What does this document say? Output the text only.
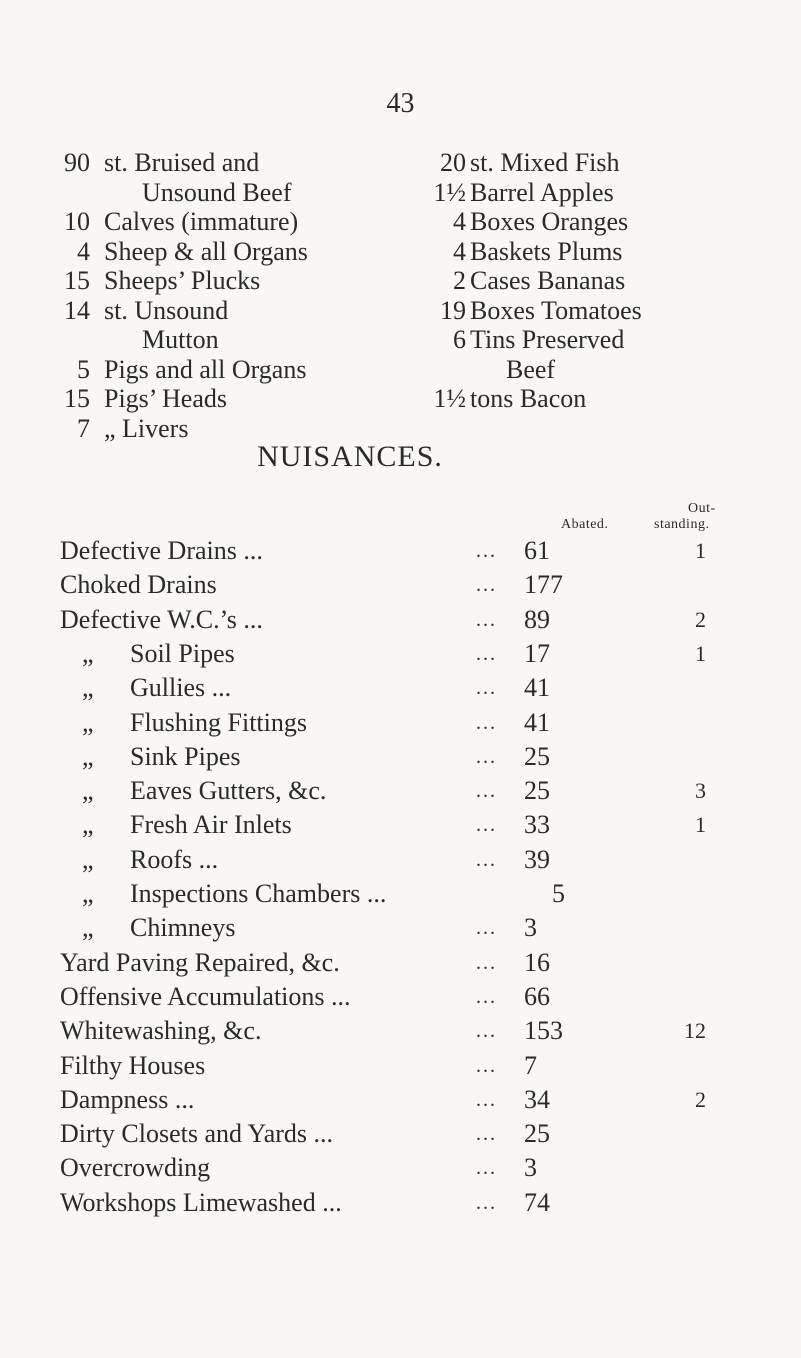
43
90 st. Bruised and
Unsound Beef
10 Calves (immature)
4 Sheep & all Organs
15 Sheeps’ Plucks
14 st. Unsound
Mutton
5 Pigs and all Organs
15 Pigs’ Heads
7 „ Livers
20 st. Mixed Fish
1½ Barrel Apples
4 Boxes Oranges
4 Baskets Plums
2 Cases Bananas
19 Boxes Tomatoes
6 Tins Preserved
Beef
1½ tons Bacon
NUISANCES.
Abated.
Out-
standing.
Defective Drains ...	...	61	1
Choked Drains	...	177
Defective W.C.’s ...	...	89	2
„ Soil Pipes	...	17	1
„ Gullies ...	...	41
„ Flushing Fittings	...	41
„ Sink Pipes	...	25
„ Eaves Gutters, &c.	...	25	3
„ Fresh Air Inlets	...	33	1
„ Roofs ...	...	39
„ Inspections Chambers ...	5
„ Chimneys	...	3
Yard Paving Repaired, &c.	...	16
Offensive Accumulations ...	...	66
Whitewashing, &c.	...	153	12
Filthy Houses	...	7
Dampness ...	...	34	2
Dirty Closets and Yards ...	...	25
Overcrowding	...	3
Workshops Limewashed ...	...	74
